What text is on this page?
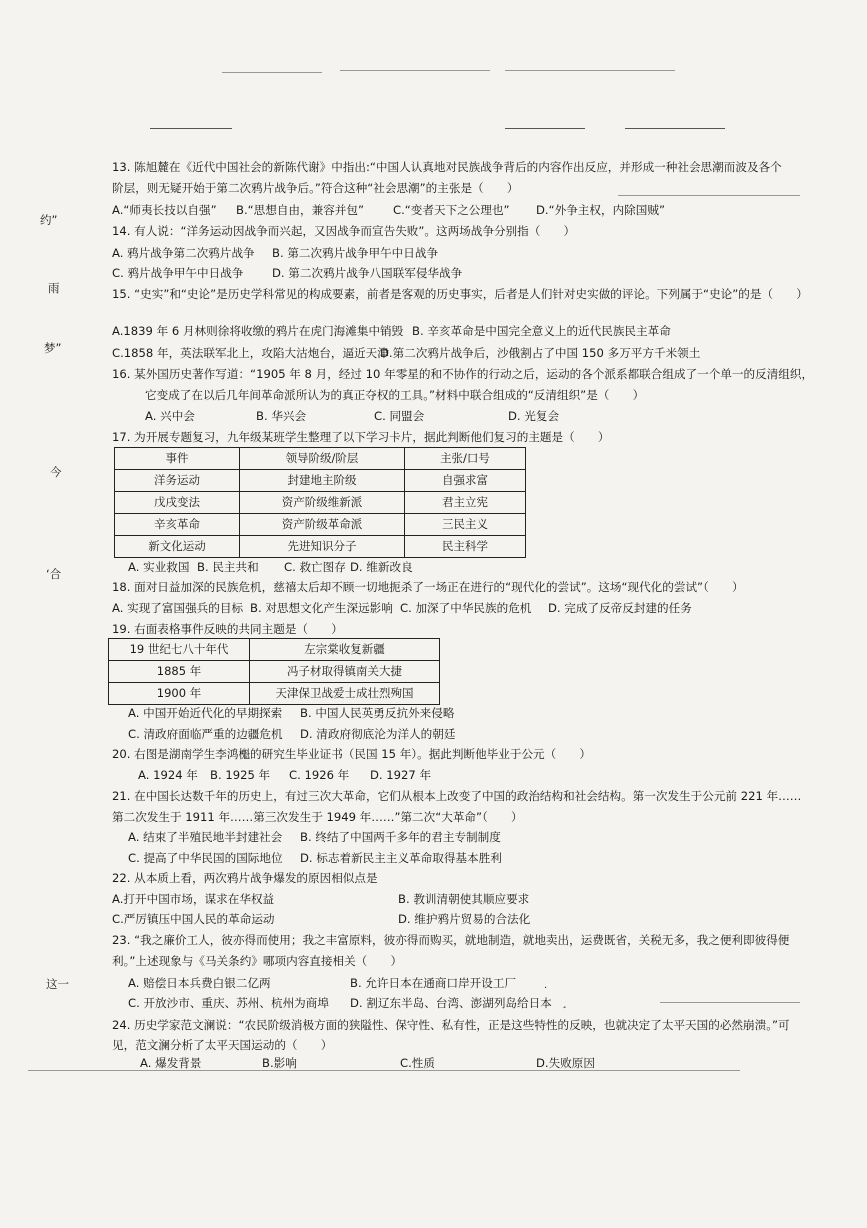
约”
雨
梦”
今
‘合
这一
13. 陈旭麓在《近代中国社会的新陈代谢》中指出:“中国人认真地对民族战争背后的内容作出反应，并形成一种社会思潮而波及各个
阶层，则无疑开始于第二次鸦片战争后。”符合这种“社会思潮”的主张是（　　）
A.“师夷长技以自强” B.“思想自由，兼容并包”	C.“变者天下之公理也” D.“外争主权，内除国贼”
14. 有人说：“洋务运动因战争而兴起，又因战争而宣告失败”。这两场战争分别指（　　）
A. 鸦片战争第二次鸦片战争 B. 第二次鸦片战争甲午中日战争
C. 鸦片战争甲午中日战争 D. 第二次鸦片战争八国联军侵华战争
15. “史实”和“史论”是历史学科常见的构成要素，前者是客观的历史事实，后者是人们针对史实做的评论。下列属于“史论”的是（　　）
A.1839 年 6 月林则徐将收缴的鸦片在虎门海滩集中销毁 B. 辛亥革命是中国完全意义上的近代民族民主革命
C.1858 年，英法联军北上，攻陷大沽炮台，逼近天津
D.第二次鸦片战争后，沙俄割占了中国 150 多万平方千米领土
16. 某外国历史著作写道：“1905 年 8 月，经过 10 年零星的和不协作的行动之后，运动的各个派系都联合组成了一个单一的反清组织，
它变成了在以后几年间革命派所认为的真正夺权的工具。”材料中联合组成的“反清组织”是（　　）
A. 兴中会	B. 华兴会	C. 同盟会	D. 光复会
17. 为开展专题复习，九年级某班学生整理了以下学习卡片，据此判断他们复习的主题是（　　）
事件	领导阶级/阶层	主张/口号
洋务运动	封建地主阶级	自强求富
戊戌变法	资产阶级维新派	君主立宪
辛亥革命	资产阶级革命派	三民主义
新文化运动	先进知识分子	民主科学
A. 实业救国 B. 民主共和 C. 救亡图存 D. 维新改良
18. 面对日益加深的民族危机，慈禧太后却不顾一切地扼杀了一场正在进行的“现代化的尝试”。这场“现代化的尝试”（　　）
A. 实现了富国强兵的目标 B. 对思想文化产生深远影响 C. 加深了中华民族的危机 D. 完成了反帝反封建的任务
19. 右面表格事件反映的共同主题是（　　）
19 世纪七八十年代	左宗棠收复新疆
1885 年	冯子材取得镇南关大捷
1900 年	天津保卫战爱士成壮烈殉国
A. 中国开始近代化的早期探索 B. 中国人民英勇反抗外来侵略
C. 清政府面临严重的边疆危机 D. 清政府彻底沦为洋人的朝廷
20. 右图是湖南学生李鸿櫆的研究生毕业证书（民国 15 年）。据此判断他毕业于公元（　　）
A. 1924 年 B. 1925 年 C. 1926 年 D. 1927 年
21. 在中国长达数千年的历史上，有过三次大革命，它们从根本上改变了中国的政治结构和社会结构。第一次发生于公元前 221 年……
第二次发生于 1911 年……第三次发生于 1949 年……”第二次“大革命”（　　）
A. 结束了半殖民地半封建社会 B. 终结了中国两千多年的君主专制制度
C. 提高了中华民国的国际地位 D. 标志着新民主主义革命取得基本胜利
22. 从本质上看，两次鸦片战争爆发的原因相似点是
A.打开中国市场，谋求在华权益	B. 教训清朝使其顺应要求
C.严厉镇压中国人民的革命运动	D. 维护鸦片贸易的合法化
23. “我之廉价工人，彼亦得而使用；我之丰富原料，彼亦得而购买，就地制造，就地卖出，运费既省，关税无多，我之便利即彼得便
利。”上述现象与《马关条约》哪项内容直接相关（　　）
A. 赔偿日本兵费白银二亿两	B. 允许日本在通商口岸开设工厂
C. 开放沙市、重庆、苏州、杭州为商埠 D. 割辽东半岛、台湾、澎湖列岛给日本
.
¸
24. 历史学家范文澜说：“农民阶级消极方面的狭隘性、保守性、私有性，正是这些特性的反映，也就决定了太平天国的必然崩溃。”可
见，范文澜分析了太平天国运动的（　　）
A. 爆发背景	B.影响	C.性质	D.失败原因
